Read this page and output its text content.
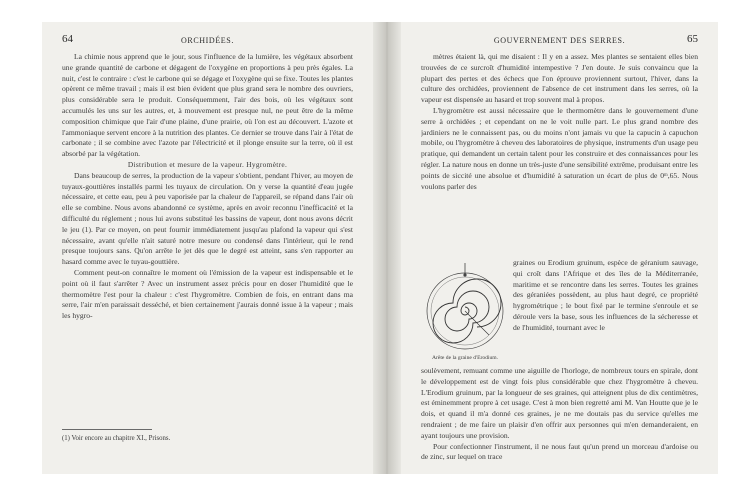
64	ORCHIDÉES.

La chimie nous apprend que le jour, sous l'influence de la lumière, les végétaux absorbent une grande quantité de carbone et dégagent de l'oxygène en proportions à peu près égales. La nuit, c'est le contraire : c'est le carbone qui se dégage et l'oxygène qui se fixe. Toutes les plantes opèrent ce même travail ; mais il est bien évident que plus grand sera le nombre des ouvriers, plus considérable sera le produit. Conséquemment, l'air des bois, où les végétaux sont accumulés les uns sur les autres, et, à mouvement est presque nul, ne peut être de la même composition chimique que l'air d'une plaine, d'une prairie, où l'on est au découvert. L'azote et l'ammoniaque servent encore à la nutrition des plantes. Ce dernier se trouve dans l'air à l'état de carbonate ; il se combine avec l'azote par l'électricité et il plonge ensuite sur la terre, où il est absorbé par la végétation.

Distribution et mesure de la vapeur. Hygromètre.

Dans beaucoup de serres, la production de la vapeur s'obtient, pendant l'hiver, au moyen de tuyaux-gouttières installés parmi les tuyaux de circulation. On y verse la quantité d'eau jugée nécessaire, et cette eau, peu à peu vaporisée par la chaleur de l'appareil, se répand dans l'air où elle se combine. Nous avons abandonné ce système, après en avoir reconnu l'inefficacité et la difficulté du réglement ; nous lui avons substitué les bassins de vapeur, dont nous avons décrit le jeu (1). Par ce moyen, on peut fournir immédiatement jusqu'au plafond la vapeur qui s'est nécessaire, avant qu'elle n'ait saturé notre mesure ou condensé dans l'intérieur, qui le rend presque toujours sans. Qu'on arrête le jet dès que le degré est atteint, sans s'en rapporter au hasard comme avec le tuyau-gouttière.

Comment peut-on connaître le moment où l'émission de la vapeur est indispensable et le point où il faut s'arrêter ? Avec un instrument assez précis pour en doser l'humidité que le thermomètre l'est pour la chaleur : c'est l'hygromètre. Combien de fois, en entrant dans ma serre, l'air m'en paraissait desséché, et bien certainement j'aurais donné issue à la vapeur ; mais les hygro-

(1) Voir encore au chapitre XI., Prisons.
GOUVERNEMENT DES SERRES.	65

mètres étaient là, qui me disaient : Il y en a assez. Mes plantes se sentaient elles bien trouvées de ce surcroît d'humidité intempestive ? J'en doute. Je suis convaincu que la plupart des pertes et des échecs que l'on éprouve proviennent surtout, l'hiver, dans la culture des orchidées, proviennent de l'absence de cet instrument dans les serres, où la vapeur est dispensée au hasard et trop souvent mal à propos.

L'hygromètre est aussi nécessaire que le thermomètre dans le gouvernement d'une serre à orchidées ; et cependant on ne le voit nulle part. Le plus grand nombre des jardiniers ne le connaissent pas, ou du moins n'ont jamais vu que la capucin à capuchon mobile, ou l'hygromètre à cheveu des laboratoires de physique, instruments d'un usage peu pratique, qui demandent un certain talent pour les construire et des connaissances pour les régler. La nature nous en donne un très-juste d'une sensibilité extrême, produisant entre les points de siccité une absolue et d'humidité à saturation un écart de plus de 0ᵐ,65. Nous voulons parler des

Arête de la graine d'Erodium.

graines ou Erodium gruinum, espèce de géranium sauvage, qui croît dans l'Afrique et des îles de la Méditerranée, maritime et se rencontre dans les serres. Toutes les graines des géraniées possèdent, au plus haut degré, ce propriété hygrométrique ; le bout fixé par le termine s'enroule et se déroule vers la base, sous les influences de la sécheresse et de l'humidité, tournant avec le

soulèvement, remuant comme une aiguille de l'horloge, de nombreux tours en spirale, dont le développement est de vingt fois plus considérable que chez l'hygromètre à cheveu. L'Erodium gruinum, par la longueur de ses graines, qui atteignent plus de dix centimètres, est éminemment propre à cet usage. C'est à mon bien regretté ami M. Van Houtte que je le dois, et quand il m'a donné ces graines, je ne me doutais pas du service qu'elles me rendraient ; de me faire un plaisir d'en offrir aux personnes qui m'en demanderaient, en ayant toujours une provision.

Pour confectionner l'instrument, il ne nous faut qu'un prend un morceau d'ardoise ou de zinc, sur lequel on trace
